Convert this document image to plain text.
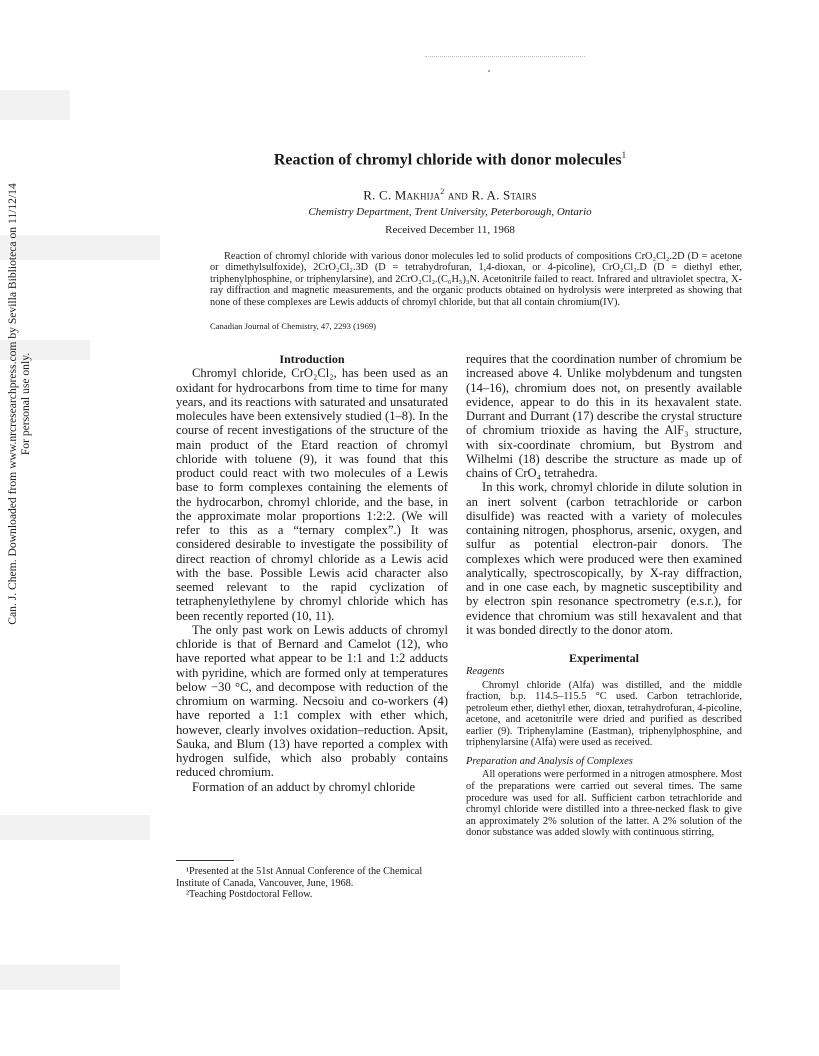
Can. J. Chem. Downloaded from www.nrcresearchpress.com by Sevilla Biblioteca on 11/12/14 For personal use only.
Reaction of chromyl chloride with donor molecules$^1$
R. C. Makhija$^2$ and R. A. Stairs
Chemistry Department, Trent University, Peterborough, Ontario
Received December 11, 1968

Reaction of chromyl chloride with various donor molecules led to solid products of compositions CrO₂Cl₂.2D (D = acetone or dimethylsulfoxide), 2CrO₂Cl₂.3D (D = tetrahydrofuran, 1,4-dioxan, or 4-picoline), CrO₂Cl₂.D (D = diethyl ether, triphenylphosphine, or triphenylarsine), and 2CrO₂Cl₂.(C₆H₅)₃N. Acetonitrile failed to react. Infrared and ultraviolet spectra, X-ray diffraction and magnetic measurements, and the organic products obtained on hydrolysis were interpreted as showing that none of these complexes are Lewis adducts of chromyl chloride, but that all contain chromium(IV).

Canadian Journal of Chemistry, 47, 2293 (1969)

Introduction

Chromyl chloride, CrO₂Cl₂, has been used as an oxidant for hydrocarbons from time to time for many years, and its reactions with saturated and unsaturated molecules have been extensively studied (1–8). In the course of recent investigations of the structure of the main product of the Etard reaction of chromyl chloride with toluene (9), it was found that this product could react with two molecules of a Lewis base to form complexes containing the elements of the hydrocarbon, chromyl chloride, and the base, in the approximate molar proportions 1:2:2. (We will refer to this as a “ternary complex”.) It was considered desirable to investigate the possibility of direct reaction of chromyl chloride as a Lewis acid with the base. Possible Lewis acid character also seemed relevant to the rapid cyclization of tetraphenylethylene by chromyl chloride which has been recently reported (10, 11).

The only past work on Lewis adducts of chromyl chloride is that of Bernard and Camelot (12), who have reported what appear to be 1:1 and 1:2 adducts with pyridine, which are formed only at temperatures below −30 °C, and decompose with reduction of the chromium on warming. Necsoiu and co-workers (4) have reported a 1:1 complex with ether which, however, clearly involves oxidation–reduction. Apsit, Sauka, and Blum (13) have reported a complex with hydrogen sulfide, which also probably contains reduced chromium.

Formation of an adduct by chromyl chloride

requires that the coordination number of chromium be increased above 4. Unlike molybdenum and tungsten (14–16), chromium does not, on presently available evidence, appear to do this in its hexavalent state. Durrant and Durrant (17) describe the crystal structure of chromium trioxide as having the AlF₃ structure, with six-coordinate chromium, but Bystrom and Wilhelmi (18) describe the structure as made up of chains of CrO₄ tetrahedra.

In this work, chromyl chloride in dilute solution in an inert solvent (carbon tetrachloride or carbon disulfide) was reacted with a variety of molecules containing nitrogen, phosphorus, arsenic, oxygen, and sulfur as potential electron-pair donors. The complexes which were produced were then examined analytically, spectroscopically, by X-ray diffraction, and in one case each, by magnetic susceptibility and by electron spin resonance spectrometry (e.s.r.), for evidence that chromium was still hexavalent and that it was bonded directly to the donor atom.

Experimental

Reagents

Chromyl chloride (Alfa) was distilled, and the middle fraction, b.p. 114.5–115.5 °C used. Carbon tetrachloride, petroleum ether, diethyl ether, dioxan, tetrahydrofuran, 4-picoline, acetone, and acetonitrile were dried and purified as described earlier (9). Triphenylamine (Eastman), triphenylphosphine, and triphenylarsine (Alfa) were used as received.

Preparation and Analysis of Complexes

All operations were performed in a nitrogen atmosphere. Most of the preparations were carried out several times. The same procedure was used for all. Sufficient carbon tetrachloride and chromyl chloride were distilled into a three-necked flask to give an approximately 2% solution of the latter. A 2% solution of the donor substance was added slowly with continuous stirring,

¹Presented at the 51st Annual Conference of the Chemical Institute of Canada, Vancouver, June, 1968.

²Teaching Postdoctoral Fellow.
